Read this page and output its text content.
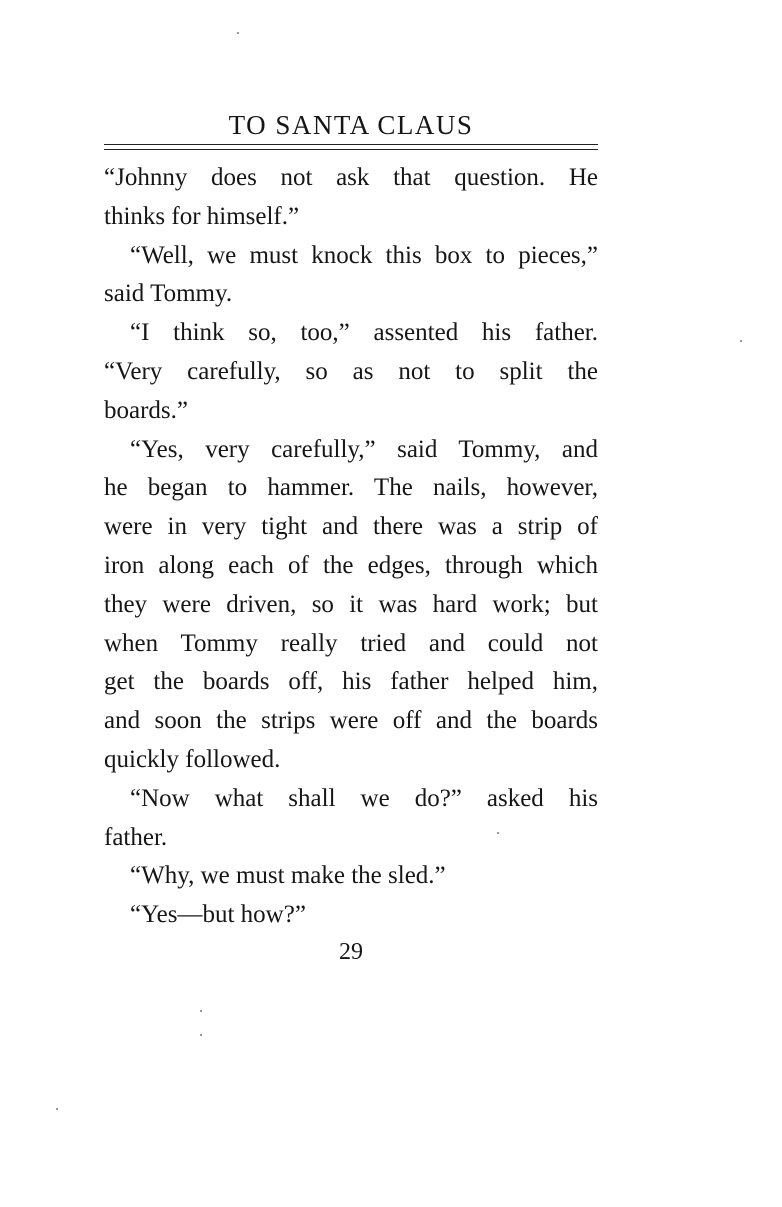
TO SANTA CLAUS
“Johnny does not ask that question. He
thinks for himself.”
“Well, we must knock this box to pieces,”
said Tommy.
“I think so, too,” assented his father.
“Very carefully, so as not to split the
boards.”
“Yes, very carefully,” said Tommy, and
he began to hammer. The nails, however,
were in very tight and there was a strip of
iron along each of the edges, through which
they were driven, so it was hard work; but
when Tommy really tried and could not
get the boards off, his father helped him,
and soon the strips were off and the boards
quickly followed.
“Now what shall we do?” asked his
father.
“Why, we must make the sled.”
“Yes—but how?”
29
